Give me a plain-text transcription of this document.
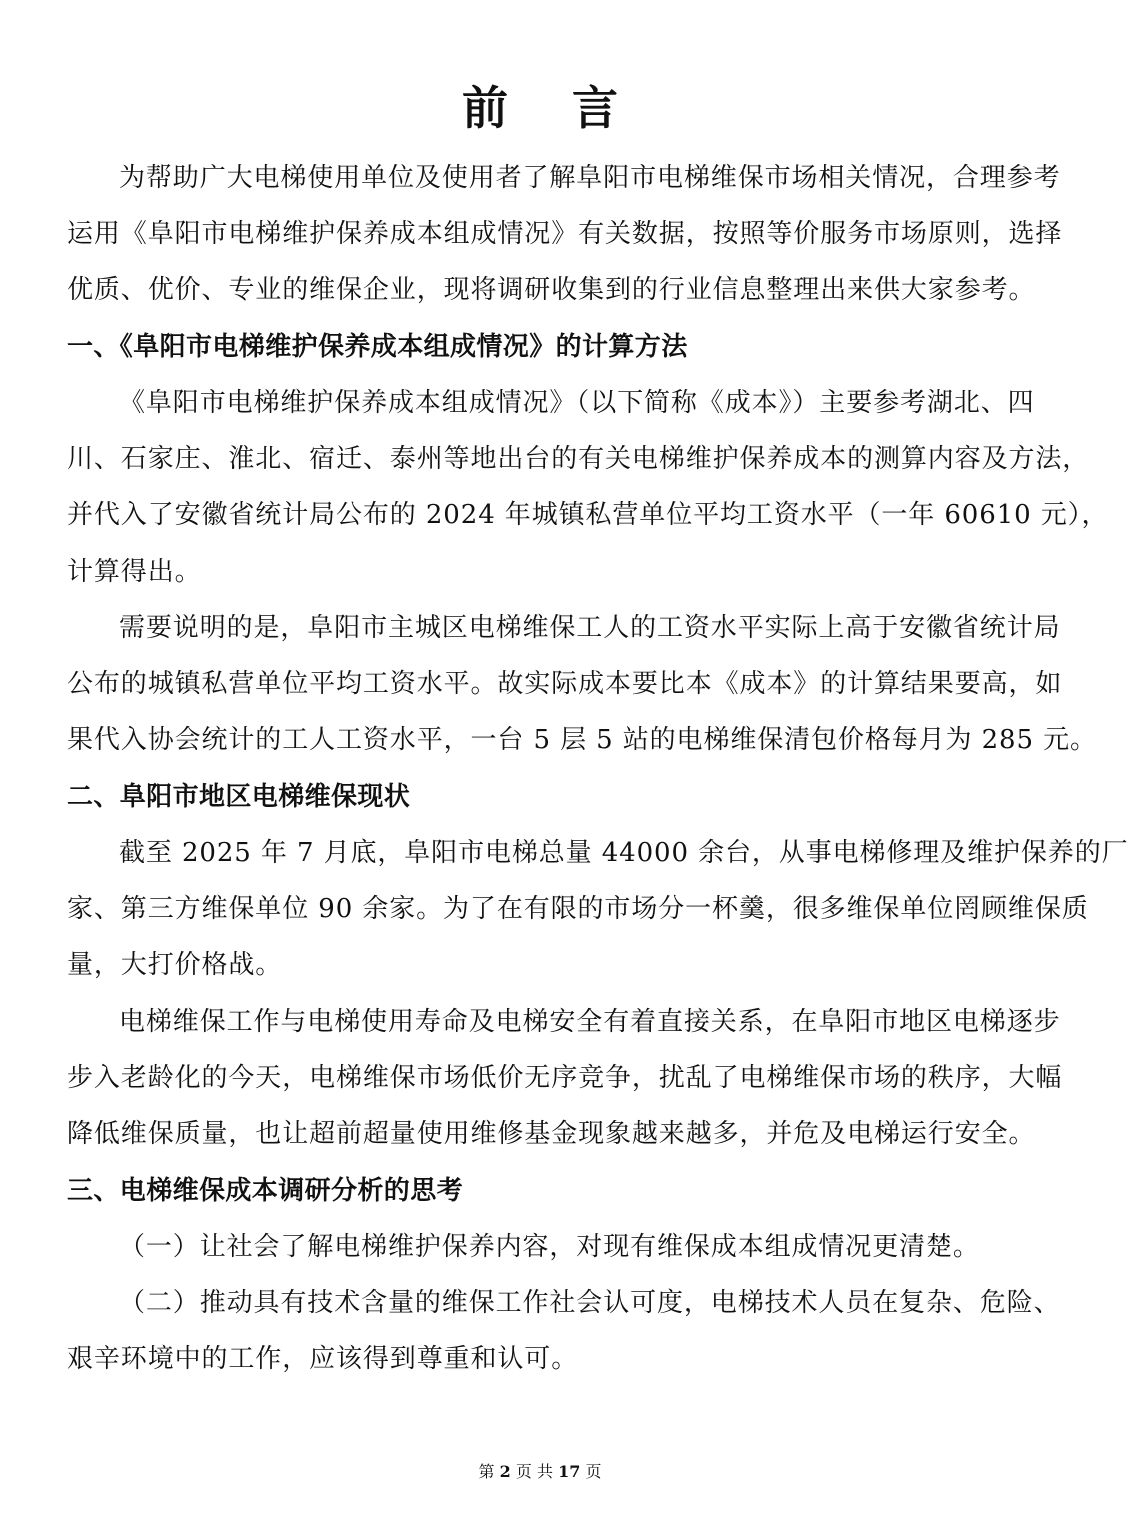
前言
为帮助广大电梯使用单位及使用者了解阜阳市电梯维保市场相关情况，合理参考
运用《阜阳市电梯维护保养成本组成情况》有关数据，按照等价服务市场原则，选择
优质、优价、专业的维保企业，现将调研收集到的行业信息整理出来供大家参考。
一、《阜阳市电梯维护保养成本组成情况》的计算方法
《阜阳市电梯维护保养成本组成情况》（以下简称《成本》）主要参考湖北、四
川、石家庄、淮北、宿迁、泰州等地出台的有关电梯维护保养成本的测算内容及方法，
并代入了安徽省统计局公布的 2024 年城镇私营单位平均工资水平（一年 60610 元），
计算得出。
需要说明的是，阜阳市主城区电梯维保工人的工资水平实际上高于安徽省统计局
公布的城镇私营单位平均工资水平。故实际成本要比本《成本》的计算结果要高，如
果代入协会统计的工人工资水平，一台 5 层 5 站的电梯维保清包价格每月为 285 元。
二、阜阳市地区电梯维保现状
截至 2025 年 7 月底，阜阳市电梯总量 44000 余台，从事电梯修理及维护保养的厂
家、第三方维保单位 90 余家。为了在有限的市场分一杯羹，很多维保单位罔顾维保质
量，大打价格战。
电梯维保工作与电梯使用寿命及电梯安全有着直接关系，在阜阳市地区电梯逐步
步入老龄化的今天，电梯维保市场低价无序竞争，扰乱了电梯维保市场的秩序，大幅
降低维保质量，也让超前超量使用维修基金现象越来越多，并危及电梯运行安全。
三、电梯维保成本调研分析的思考
（一）让社会了解电梯维护保养内容，对现有维保成本组成情况更清楚。
（二）推动具有技术含量的维保工作社会认可度，电梯技术人员在复杂、危险、
艰辛环境中的工作，应该得到尊重和认可。
第 2 页 共 17 页
